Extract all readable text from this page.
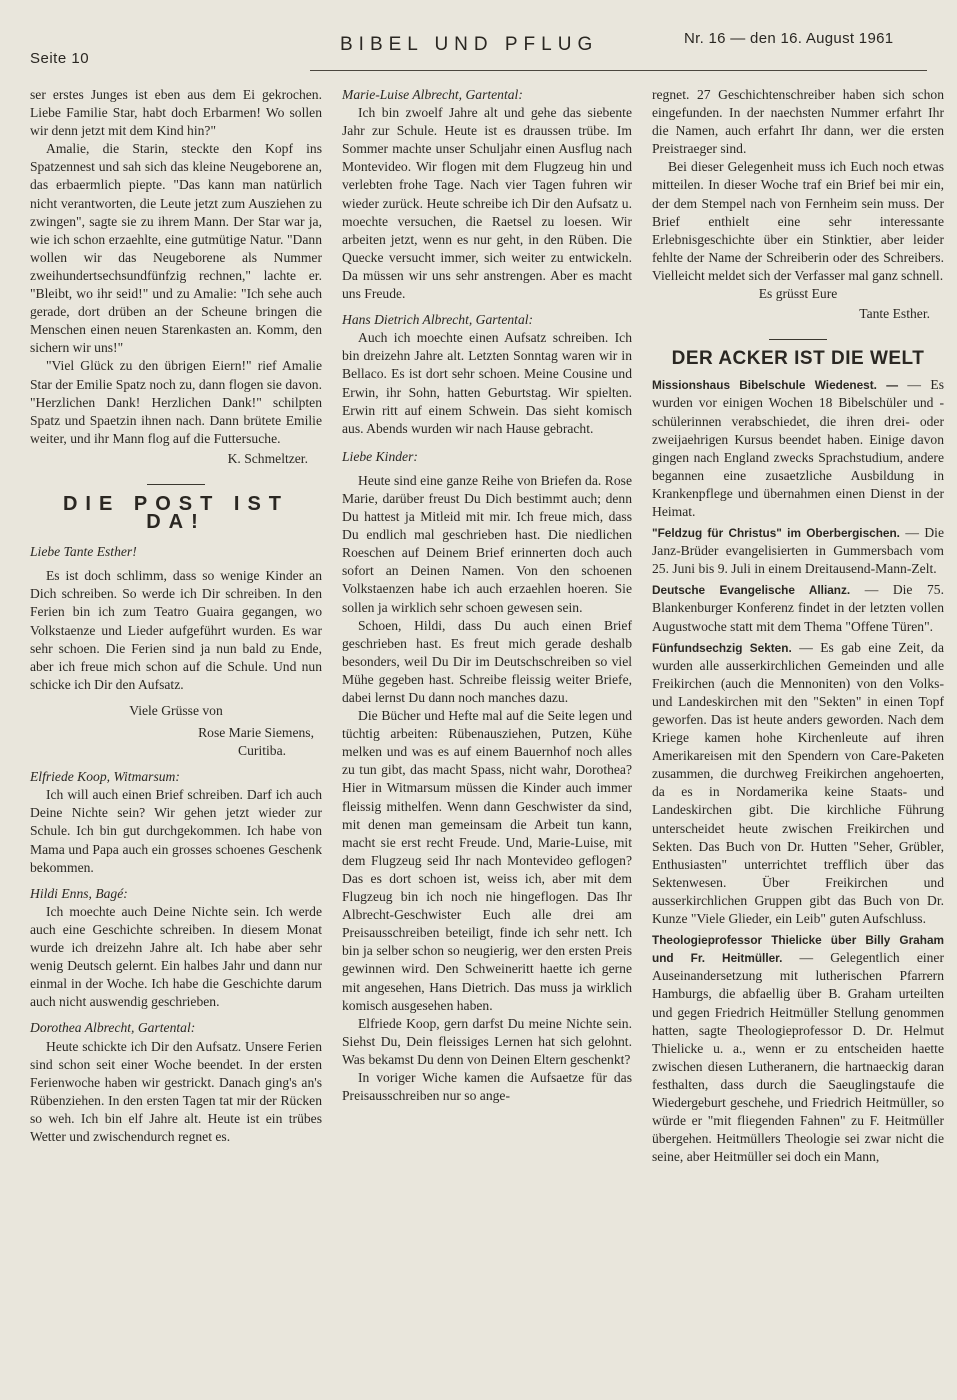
Seite 10
BIBEL UND PFLUG	Nr. 16 — den 16. August 1961

ser erstes Junges ist eben aus dem Ei gekrochen. Liebe Familie Star, habt doch Erbarmen! Wo sollen wir denn jetzt mit dem Kind hin?"

Amalie, die Starin, steckte den Kopf ins Spatzennest und sah sich das kleine Neugeborene an, das erbaermlich piepte. "Das kann man natürlich nicht verantworten, die Leute jetzt zum Ausziehen zu zwingen", sagte sie zu ihrem Mann. Der Star war ja, wie ich schon erzaehlte, eine gutmütige Natur. "Dann wollen wir das Neugeborene als Nummer zweihundertsechsundfünfzig rechnen," lachte er. "Bleibt, wo ihr seid!" und zu Amalie: "Ich sehe auch gerade, dort drüben an der Scheune bringen die Menschen einen neuen Starenkasten an. Komm, den sichern wir uns!"

"Viel Glück zu den übrigen Eiern!" rief Amalie Star der Emilie Spatz noch zu, dann flogen sie davon. "Herzlichen Dank! Herzlichen Dank!" schilpten Spatz und Spaetzin ihnen nach. Dann brütete Emilie weiter, und ihr Mann flog auf die Futtersuche.

K. Schmeltzer.

DIE POST IST DA!

Liebe Tante Esther!

Es ist doch schlimm, dass so wenige Kinder an Dich schreiben. So werde ich Dir schreiben. In den Ferien bin ich zum Teatro Guaira gegangen, wo Volkstaenze und Lieder aufgeführt wurden. Es war sehr schoen. Die Ferien sind ja nun bald zu Ende, aber ich freue mich schon auf die Schule. Und nun schicke ich Dir den Aufsatz.

Viele Grüsse von

Rose Marie Siemens,

Curitiba.

Elfriede Koop, Witmarsum:

Ich will auch einen Brief schreiben. Darf ich auch Deine Nichte sein? Wir gehen jetzt wieder zur Schule. Ich bin gut durchgekommen. Ich habe von Mama und Papa auch ein grosses schoenes Geschenk bekommen.

Hildi Enns, Bagé:

Ich moechte auch Deine Nichte sein. Ich werde auch eine Geschichte schreiben. In diesem Monat wurde ich dreizehn Jahre alt. Ich habe aber sehr wenig Deutsch gelernt. Ein halbes Jahr und dann nur einmal in der Woche. Ich habe die Geschichte darum auch nicht auswendig geschrieben.

Dorothea Albrecht, Gartental:

Heute schickte ich Dir den Aufsatz. Unsere Ferien sind schon seit einer Woche beendet. In der ersten Ferienwoche haben wir gestrickt. Danach ging's an's Rübenziehen. In den ersten Tagen tat mir der Rücken so weh. Ich bin elf Jahre alt. Heute ist ein trübes Wetter und zwischendurch regnet es.

Marie-Luise Albrecht, Gartental:

Ich bin zwoelf Jahre alt und gehe das siebente Jahr zur Schule. Heute ist es draussen trübe. Im Sommer machte unser Schuljahr einen Ausflug nach Montevideo. Wir flogen mit dem Flugzeug hin und verlebten frohe Tage. Nach vier Tagen fuhren wir wieder zurück. Heute schreibe ich Dir den Aufsatz u. moechte versuchen, die Raetsel zu loesen. Wir arbeiten jetzt, wenn es nur geht, in den Rüben. Die Quecke versucht immer, sich weiter zu entwickeln. Da müssen wir uns sehr anstrengen. Aber es macht uns Freude.

Hans Dietrich Albrecht, Gartental:

Auch ich moechte einen Aufsatz schreiben. Ich bin dreizehn Jahre alt. Letzten Sonntag waren wir in Bellaco. Es ist dort sehr schoen. Meine Cousine und Erwin, ihr Sohn, hatten Geburtstag. Wir spielten. Erwin ritt auf einem Schwein. Das sieht komisch aus. Abends wurden wir nach Hause gebracht.

Liebe Kinder:

Heute sind eine ganze Reihe von Briefen da. Rose Marie, darüber freust Du Dich bestimmt auch; denn Du hattest ja Mitleid mit mir. Ich freue mich, dass Du endlich mal geschrieben hast. Die niedlichen Roeschen auf Deinem Brief erinnerten doch auch sofort an Deinen Namen. Von den schoenen Volkstaenzen habe ich auch erzaehlen hoeren. Sie sollen ja wirklich sehr schoen gewesen sein.

Schoen, Hildi, dass Du auch einen Brief geschrieben hast. Es freut mich gerade deshalb besonders, weil Du Dir im Deutschschreiben so viel Mühe gegeben hast. Schreibe fleissig weiter Briefe, dabei lernst Du dann noch manches dazu.

Die Bücher und Hefte mal auf die Seite legen und tüchtig arbeiten: Rübenausziehen, Putzen, Kühe melken und was es auf einem Bauernhof noch alles zu tun gibt, das macht Spass, nicht wahr, Dorothea? Hier in Witmarsum müssen die Kinder auch immer fleissig mithelfen. Wenn dann Geschwister da sind, mit denen man gemeinsam die Arbeit tun kann, macht sie erst recht Freude. Und, Marie-Luise, mit dem Flugzeug seid Ihr nach Montevideo geflogen? Das es dort schoen ist, weiss ich, aber mit dem Flugzeug bin ich noch nie hingeflogen. Das Ihr Albrecht-Geschwister Euch alle drei am Preisausschreiben beteiligt, finde ich sehr nett. Ich bin ja selber schon so neugierig, wer den ersten Preis gewinnen wird. Den Schweineritt haette ich gerne mit angesehen, Hans Dietrich. Das muss ja wirklich komisch ausgesehen haben.

Elfriede Koop, gern darfst Du meine Nichte sein. Siehst Du, Dein fleissiges Lernen hat sich gelohnt. Was bekamst Du denn von Deinen Eltern geschenkt?

In voriger Wiche kamen die Aufsaetze für das Preisausschreiben nur so ange-

regnet. 27 Geschichtenschreiber haben sich schon eingefunden. In der naechsten Nummer erfahrt Ihr die Namen, auch erfahrt Ihr dann, wer die ersten Preistraeger sind.

Bei dieser Gelegenheit muss ich Euch noch etwas mitteilen. In dieser Woche traf ein Brief bei mir ein, der dem Stempel nach von Fernheim sein muss. Der Brief enthielt eine sehr interessante Erlebnisgeschichte über ein Stinktier, aber leider fehlte der Name der Schreiberin oder des Schreibers. Vielleicht meldet sich der Verfasser mal ganz schnell.

Es grüsst Eure

Tante Esther.

DER ACKER IST DIE WELT

Missionshaus Bibelschule Wiedenest. — — Es wurden vor einigen Wochen 18 Bibelschüler und -schülerinnen verabschiedet, die ihren drei- oder zweijaehrigen Kursus beendet haben. Einige davon gingen nach England zwecks Sprachstudium, andere begannen eine zusaetzliche Ausbildung in Krankenpflege und übernahmen einen Dienst in der Heimat.

"Feldzug für Christus" im Oberbergischen. — Die Janz-Brüder evangelisierten in Gummersbach vom 25. Juni bis 9. Juli in einem Dreitausend-Mann-Zelt.

Deutsche Evangelische Allianz. — Die 75. Blankenburger Konferenz findet in der letzten vollen Augustwoche statt mit dem Thema "Offene Türen".

Fünfundsechzig Sekten. — Es gab eine Zeit, da wurden alle ausserkirchlichen Gemeinden und alle Freikirchen (auch die Mennoniten) von den Volks- und Landeskirchen mit den "Sekten" in einen Topf geworfen. Das ist heute anders geworden. Nach dem Kriege kamen hohe Kirchenleute auf ihren Amerikareisen mit den Spendern von Care-Paketen zusammen, die durchweg Freikirchen angehoerten, da es in Nordamerika keine Staats- und Landeskirchen gibt. Die kirchliche Führung unterscheidet heute zwischen Freikirchen und Sekten. Das Buch von Dr. Hutten "Seher, Grübler, Enthusiasten" unterrichtet trefflich über das Sektenwesen. Über Freikirchen und ausserkirchlichen Gruppen gibt das Buch von Dr. Kunze "Viele Glieder, ein Leib" guten Aufschluss.

Theologieprofessor Thielicke über Billy Graham und Fr. Heitmüller. — Gelegentlich einer Auseinandersetzung mit lutherischen Pfarrern Hamburgs, die abfaellig über B. Graham urteilten und gegen Friedrich Heitmüller Stellung genommen hatten, sagte Theologieprofessor D. Dr. Helmut Thielicke u. a., wenn er zu entscheiden haette zwischen diesen Lutheranern, die hartnaeckig daran festhalten, dass durch die Saeuglingstaufe die Wiedergeburt geschehe, und Friedrich Heitmüller, so würde er "mit fliegenden Fahnen" zu F. Heitmüller übergehen. Heitmüllers Theologie sei zwar nicht die seine, aber Heitmüller sei doch ein Mann,
